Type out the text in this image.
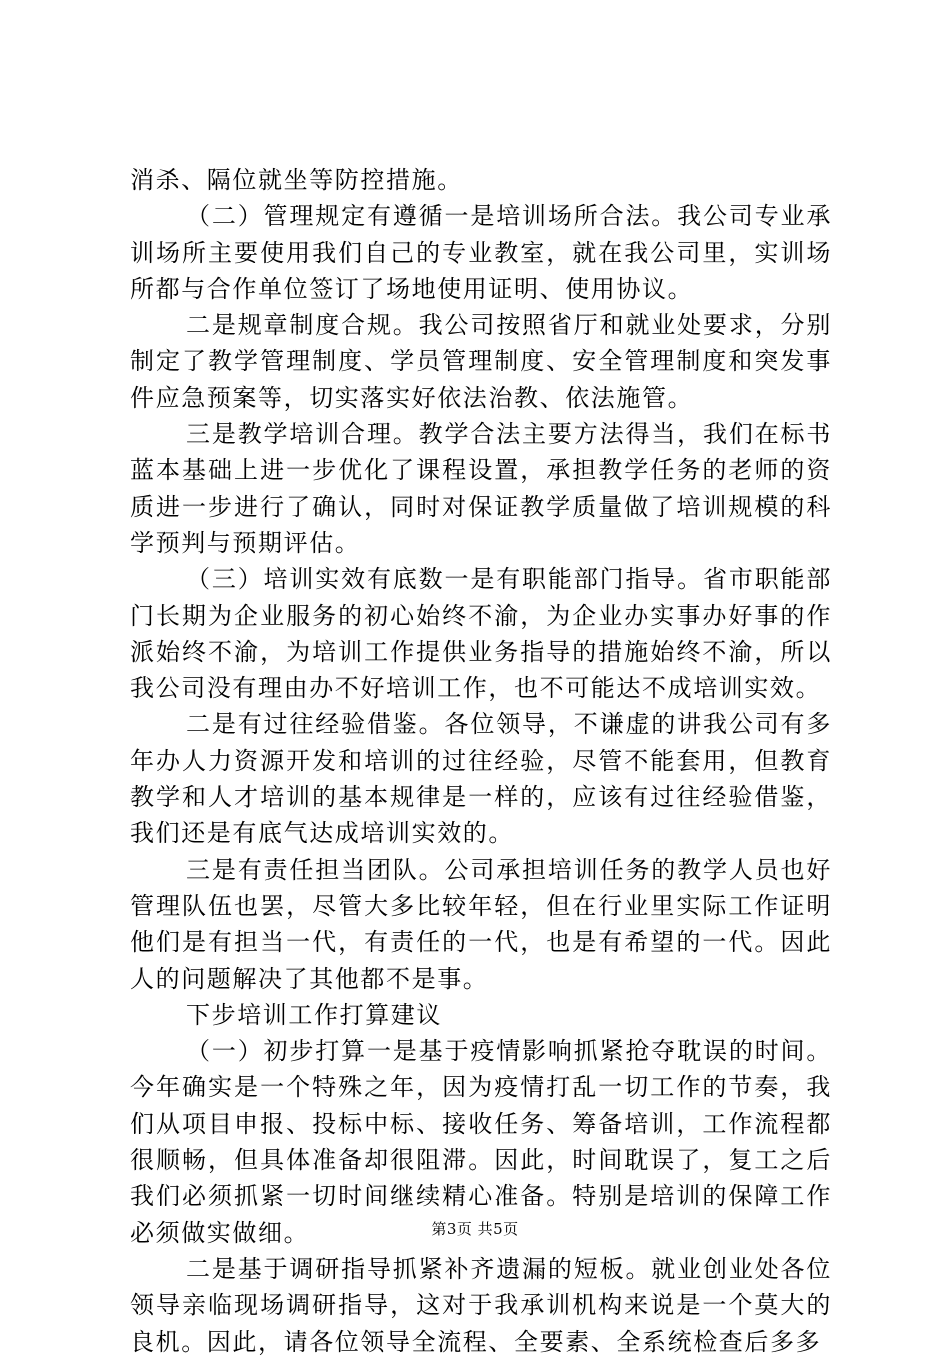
消杀、隔位就坐等防控措施。

（二）管理规定有遵循一是培训场所合法。我公司专业承训场所主要使用我们自己的专业教室，就在我公司里，实训场所都与合作单位签订了场地使用证明、使用协议。

二是规章制度合规。我公司按照省厅和就业处要求，分别制定了教学管理制度、学员管理制度、安全管理制度和突发事件应急预案等，切实落实好依法治教、依法施管。

三是教学培训合理。教学合法主要方法得当，我们在标书蓝本基础上进一步优化了课程设置，承担教学任务的老师的资质进一步进行了确认，同时对保证教学质量做了培训规模的科学预判与预期评估。

（三）培训实效有底数一是有职能部门指导。省市职能部门长期为企业服务的初心始终不渝，为企业办实事办好事的作派始终不渝，为培训工作提供业务指导的措施始终不渝，所以我公司没有理由办不好培训工作，也不可能达不成培训实效。

二是有过往经验借鉴。各位领导，不谦虚的讲我公司有多年办人力资源开发和培训的过往经验，尽管不能套用，但教育教学和人才培训的基本规律是一样的，应该有过往经验借鉴，我们还是有底气达成培训实效的。

三是有责任担当团队。公司承担培训任务的教学人员也好管理队伍也罢，尽管大多比较年轻，但在行业里实际工作证明他们是有担当一代，有责任的一代，也是有希望的一代。因此人的问题解决了其他都不是事。

下步培训工作打算建议

（一）初步打算一是基于疫情影响抓紧抢夺耽误的时间。今年确实是一个特殊之年，因为疫情打乱一切工作的节奏，我们从项目申报、投标中标、接收任务、筹备培训，工作流程都很顺畅，但具体准备却很阻滞。因此，时间耽误了，复工之后我们必须抓紧一切时间继续精心准备。特别是培训的保障工作必须做实做细。

二是基于调研指导抓紧补齐遗漏的短板。就业创业处各位领导亲临现场调研指导，这对于我承训机构来说是一个莫大的良机。因此，请各位领导全流程、全要素、全系统检查后多多

第3页 共5页
